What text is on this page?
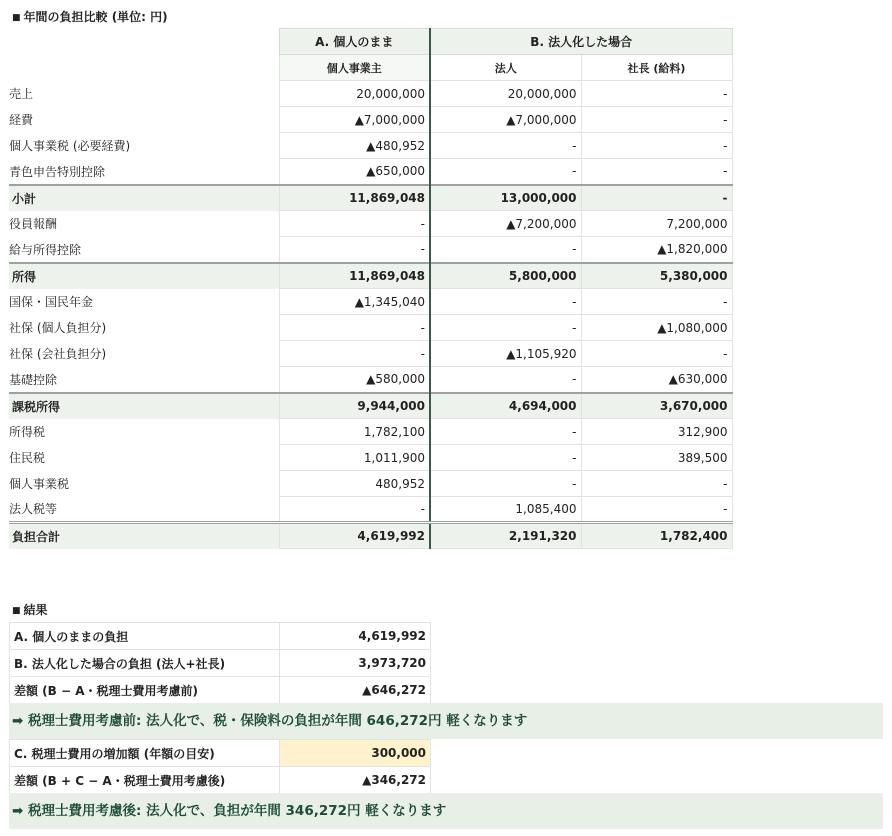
■ 年間の負担比較 (単位: 円)
	A. 個人のまま	B. 法人化した場合	
	個人事業主	法人	社長 (給料)
売上	20,000,000	20,000,000	-
経費	▲7,000,000	▲7,000,000	-
個人事業税 (必要経費)	▲480,952	-	-
青色申告特別控除	▲650,000	-	-
小計	11,869,048	13,000,000	-
役員報酬	-	▲7,200,000	7,200,000
給与所得控除	-	-	▲1,820,000
所得	11,869,048	5,800,000	5,380,000
国保・国民年金	▲1,345,040	-	-
社保 (個人負担分)	-	-	▲1,080,000
社保 (会社負担分)	-	▲1,105,920	-
基礎控除	▲580,000	-	▲630,000
課税所得	9,944,000	4,694,000	3,670,000
所得税	1,782,100	-	312,900
住民税	1,011,900	-	389,500
個人事業税	480,952	-	-
法人税等	-	1,085,400	-
負担合計	4,619,992	2,191,320	1,782,400
■ 結果
A. 個人のままの負担	4,619,992
B. 法人化した場合の負担 (法人+社長)	3,973,720
差額 (B − A・税理士費用考慮前)	▲646,272
➡ 税理士費用考慮前: 法人化で、税・保険料の負担が年間 646,272円 軽くなります
C. 税理士費用の増加額 (年額の目安)	300,000
差額 (B + C − A・税理士費用考慮後)	▲346,272
➡ 税理士費用考慮後: 法人化で、負担が年間 346,272円 軽くなります
